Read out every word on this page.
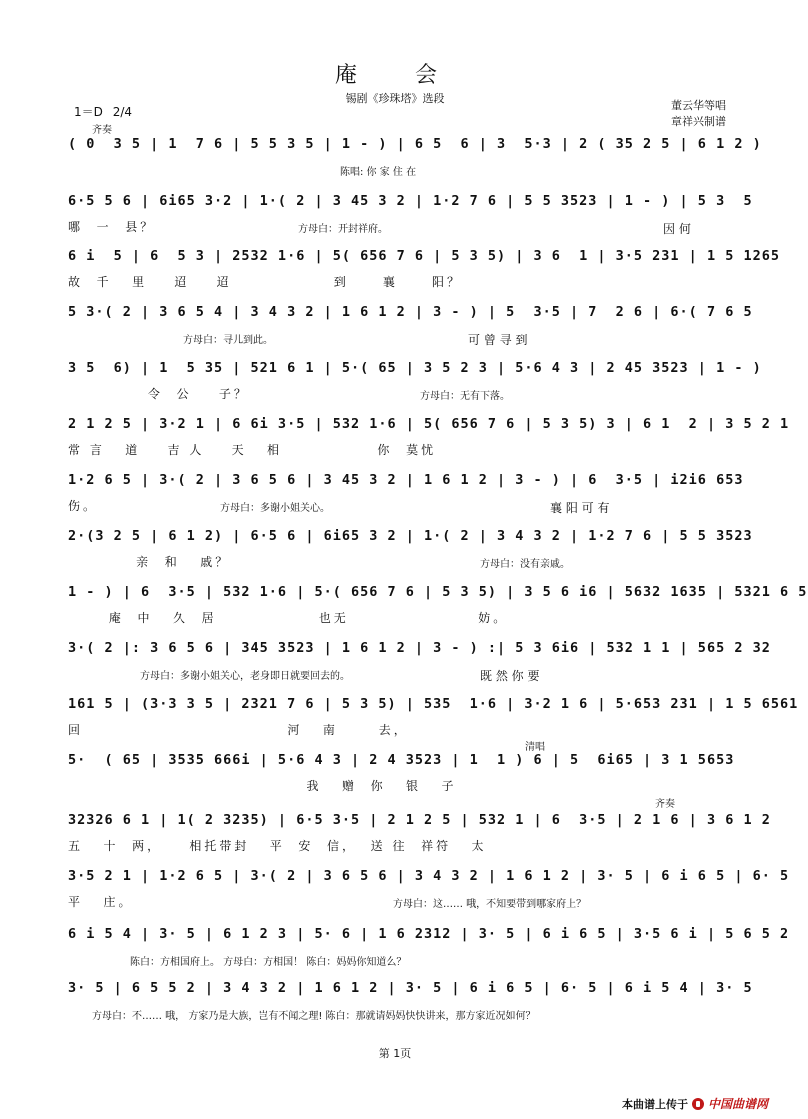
庵会
锡剧《珍珠塔》选段
董云华等唱
章祥兴制谱
1＝D 2/4
齐奏
( 0  3 5 | 1  7 6 | 5 5 3 5 | 1 - ) | 6 5  6 | 3  5·3 | 2 ( 35 2 5 | 6 1 2 )
陈唱: 你 家 住 在
6·5 5 6 | 6i65 3·2 | 1·( 2 | 3 45 3 2 | 1·2 7 6 | 5 5 3523 | 1 - ) | 5 3  5
哪  一  县？	方母白：开封祥府。	因 何
6 i  5 | 6  5 3 | 2532 1·6 | 5( 656 7 6 | 5 3 5) | 3 6  1 | 3·5 231 | 1 5 1265
故  千   里    迢    迢               到     襄     阳？
5 3·( 2 | 3 6 5 4 | 3 4 3 2 | 1 6 1 2 | 3 - ) | 5  3·5 | 7  2 6 | 6·( 7 6 5
方母白：寻儿到此。	可 曾 寻 到
3 5  6) | 1  5 35 | 521 6 1 | 5·( 65 | 3 5 2 3 | 5·6 4 3 | 2 45 3523 | 1 - )
令  公    子？	方母白：无有下落。
2 1 2 5 | 3·2 1 | 6 6i 3·5 | 532 1·6 | 5( 656 7 6 | 5 3 5) 3 | 6 1  2 | 3 5 2 1
常 言   道    吉 人    天   相              你  莫忧
1·2 6 5 | 3·( 2 | 3 6 5 6 | 3 45 3 2 | 1 6 1 2 | 3 - ) | 6  3·5 | i2i6 653
伤。	方母白：多谢小姐关心。	襄 阳 可 有
2·(3 2 5 | 6 1 2) | 6·5 6 | 6i65 3 2 | 1·( 2 | 3 4 3 2 | 1·2 7 6 | 5 5 3523
亲  和   戚？	方母白：没有亲戚。
1 - ) | 6  3·5 | 532 1·6 | 5·( 656 7 6 | 5 3 5) | 3 5 6 i6 | 5632 1635 | 5321 6 5
庵  中   久  居               也无                   妨。
3·( 2 |: 3 6 5 6 | 345 3523 | 1 6 1 2 | 3 - ) :| 5 3 6i6 | 532 1 1 | 565 2 32
方母白：多谢小姐关心，老身即日就要回去的。	既 然 你 要
161 5 | (3·3 3 5 | 2321 7 6 | 5 3 5) | 535  1·6 | 3·2 1 6 | 5·653 231 | 1 5 6561
回                              河   南      去，
清唱
5·  ( 65 | 3535 666i | 5·6 4 3 | 2 4 3523 | 1  1 ) 6 | 5  6i65 | 3 1 5653
我   赠  你   银   子
齐奏
32326 6 1 | 1( 2 3235) | 6·5 3·5 | 2 1 2 5 | 532 1 | 6  3·5 | 2 1 6 | 3 6 1 2
五   十  两，    相托带封   平  安  信，  送 往  祥符   太
3·5 2 1 | 1·2 6 5 | 3·( 2 | 3 6 5 6 | 3 4 3 2 | 1 6 1 2 | 3· 5 | 6 i 6 5 | 6· 5
平   庄。	方母白：这…… 哦，不知要带到哪家府上？
6 i 5 4 | 3· 5 | 6 1 2 3 | 5· 6 | 1 6 2312 | 3· 5 | 6 i 6 5 | 3·5 6 i | 5 6 5 2
陈白：方相国府上。 方母白：方相国！ 陈白：妈妈你知道么？
3· 5 | 6 5 5 2 | 3 4 3 2 | 1 6 1 2 | 3· 5 | 6 i 6 5 | 6· 5 | 6 i 5 4 | 3· 5
方母白：不…… 哦， 方家乃是大族，岂有不闻之理! 陈白：那就请妈妈快快讲来，那方家近况如何？
第 1页
本曲谱上传于 中国曲谱网
